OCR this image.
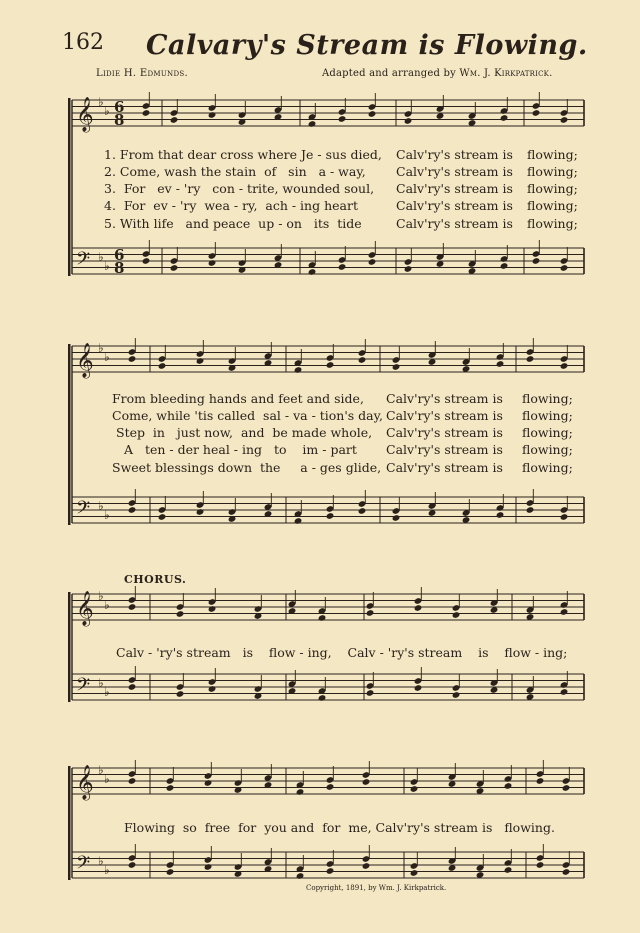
162 Calvary's Stream is Flowing.
Lidie H. Edmunds.	Adapted and arranged by Wm. J. Kirkpatrick.
𝄞
𝄢
♭
♭
♭
♭
6
8
6
8
𝄞
𝄢
♭
♭
♭
♭
𝄞
𝄢
♭
♭
♭
♭
𝄞
𝄢
♭
♭
♭
♭
1. From that dear cross where Je - sus died, Calv'ry's stream is flowing;
2. Come, wash the stain  of   sin   a - way, Calv'ry's stream is flowing;
3.  For   ev - 'ry   con - trite, wounded soul, Calv'ry's stream is flowing;
4.  For  ev - 'ry  wea - ry,  ach - ing heart	Calv'ry's stream is flowing;
5. With life   and peace  up - on   its  tide	Calv'ry's stream is flowing;
From bleeding hands and feet and side, Calv'ry's stream is flowing;
Come, while 'tis called  sal - va - tion's day, Calv'ry's stream is flowing;
Step  in   just now,  and  be made whole, Calv'ry's stream is flowing;
A   ten - der heal - ing   to    im - part Calv'ry's stream is flowing;
Sweet blessings down  the     a - ges glide, Calv'ry's stream is flowing;
CHORUS.
Calv - 'ry's stream   is    flow - ing,    Calv - 'ry's stream    is    flow - ing;
Flowing  so  free  for  you and  for  me, Calv'ry's stream is   flowing.
Copyright, 1891, by Wm. J. Kirkpatrick.
